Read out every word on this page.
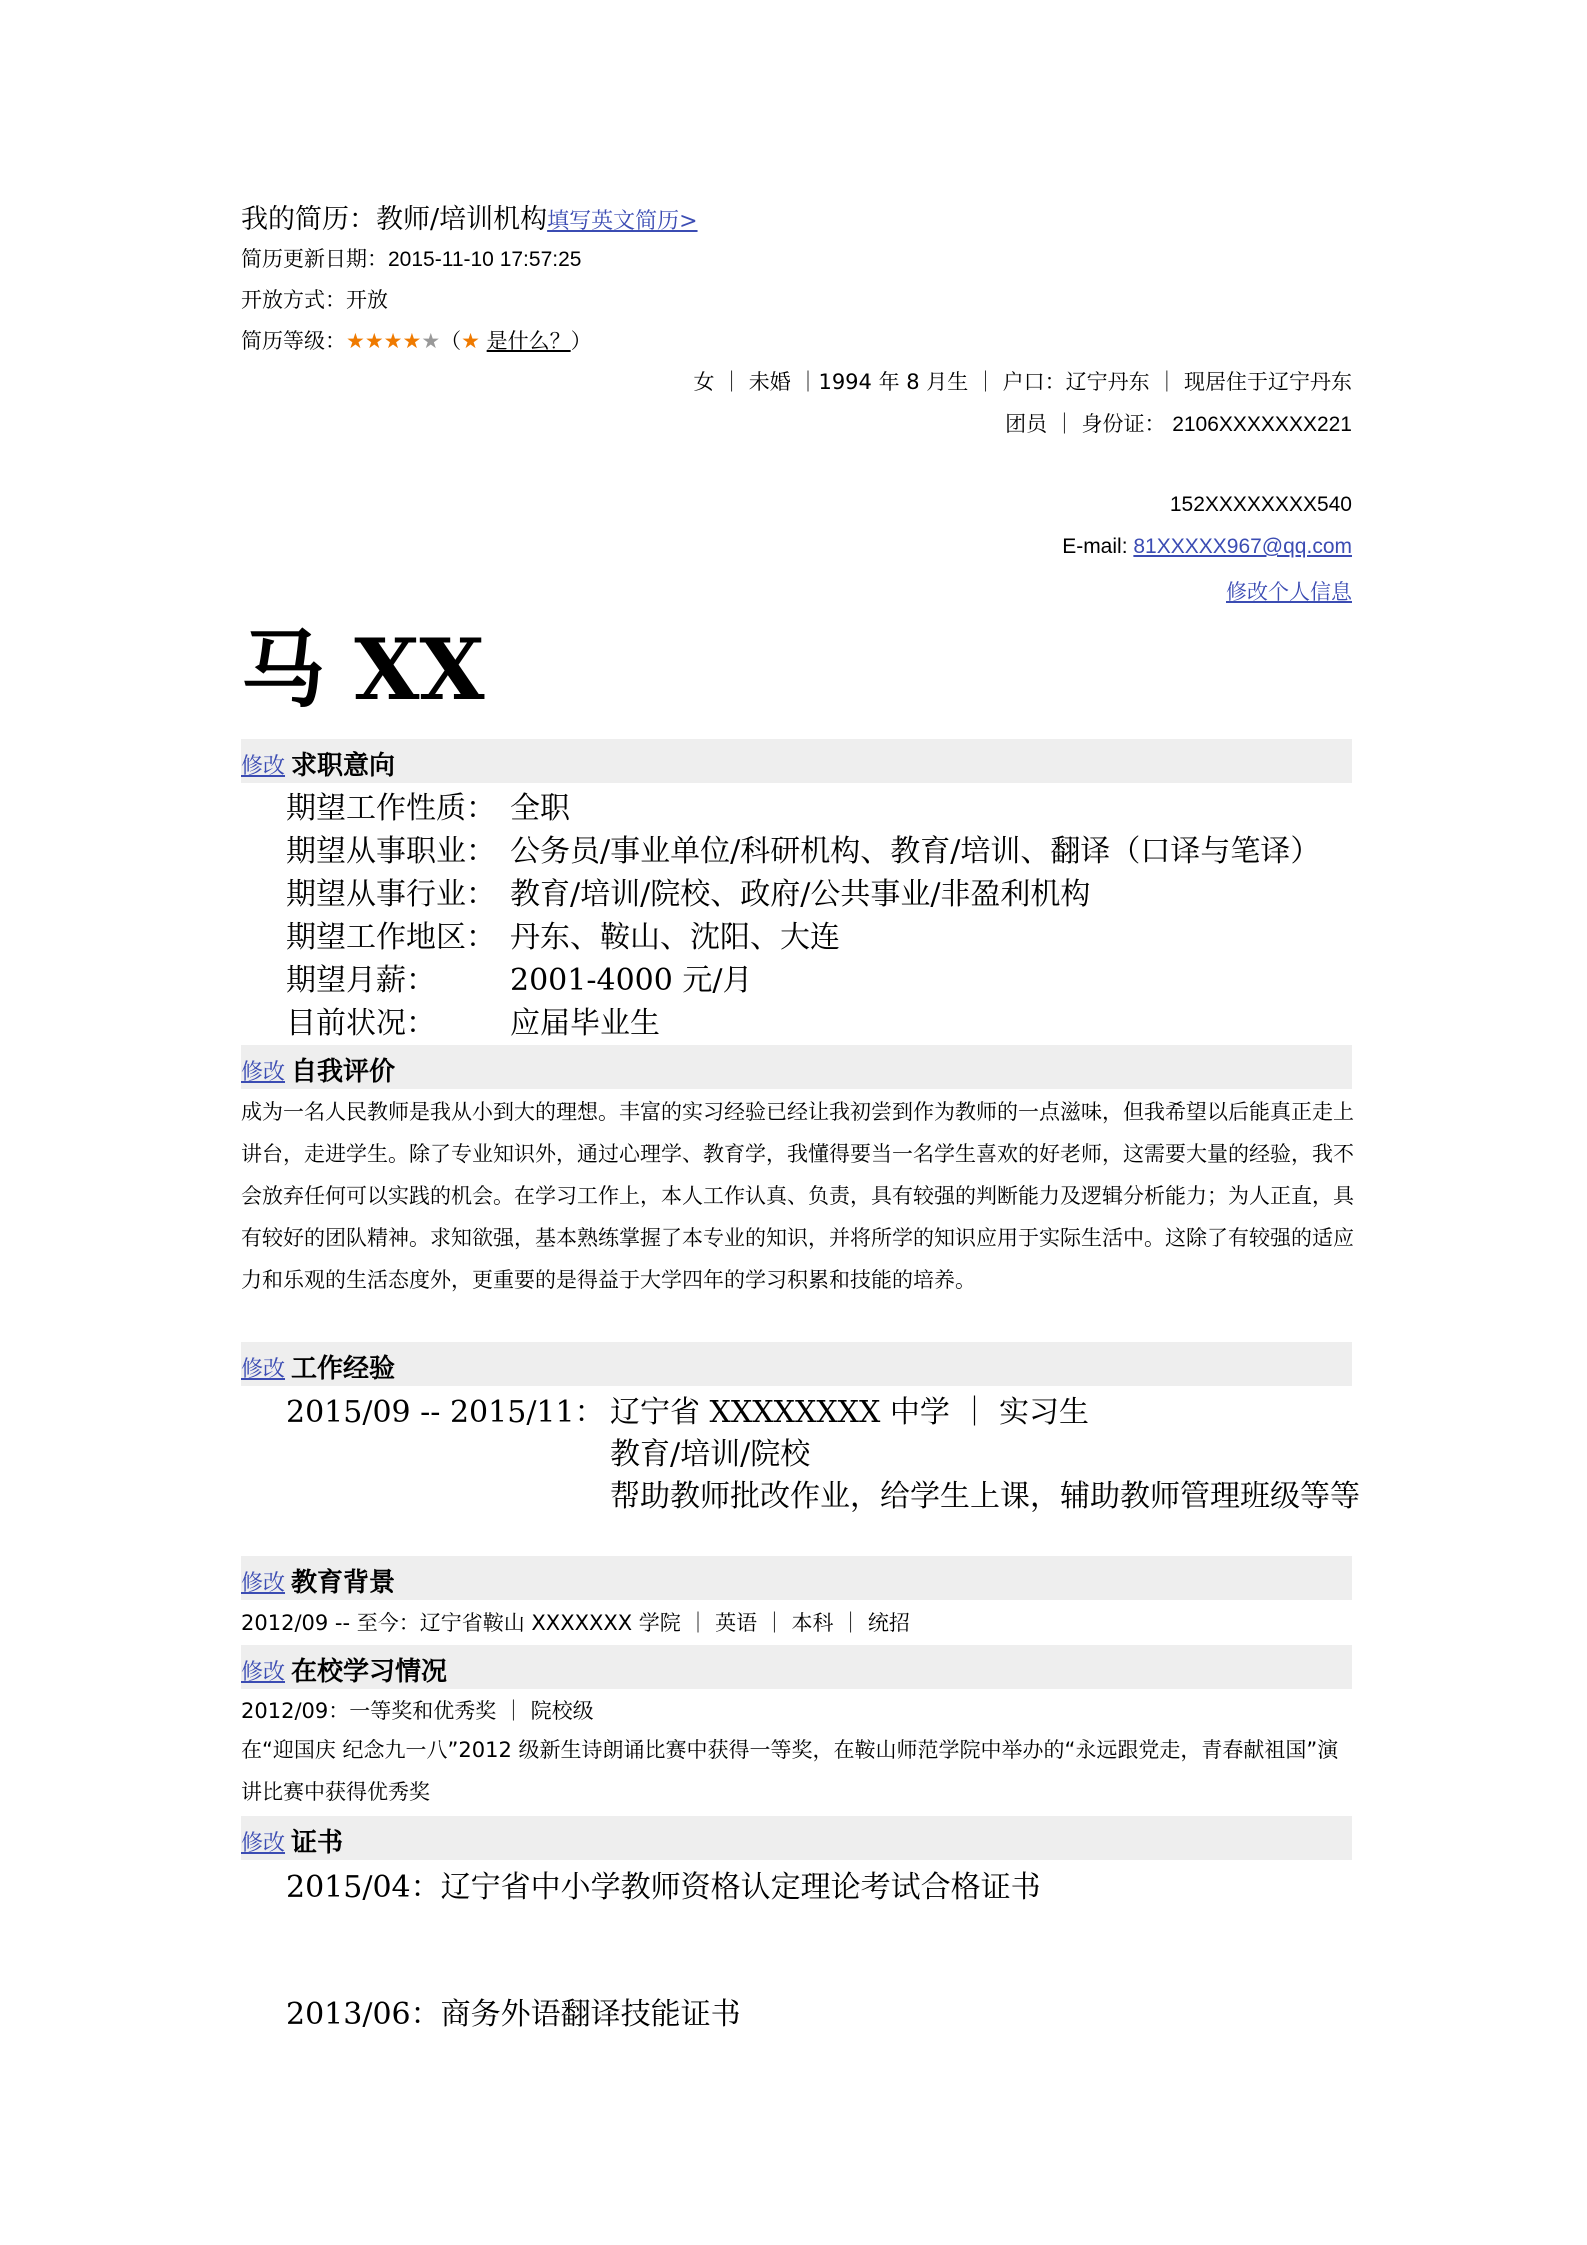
我的简历：教师/培训机构填写英文简历>
简历更新日期：2015-11-10 17:57:25
开放方式：开放
简历等级：★★★★★（★ 是什么？）
女 ｜ 未婚 ｜1994 年 8 月生 ｜ 户口：辽宁丹东 ｜ 现居住于辽宁丹东
团员 ｜ 身份证： 2106XXXXXXX221
152XXXXXXXX540
E-mail: 81XXXXX967@qq.com
修改个人信息
马 XX
修改 求职意向
期望工作性质： 全职
期望从事职业： 公务员/事业单位/科研机构、教育/培训、翻译（口译与笔译）
期望从事行业： 教育/培训/院校、政府/公共事业/非盈利机构
期望工作地区： 丹东、鞍山、沈阳、大连
期望月薪： 2001-4000 元/月
目前状况： 应届毕业生
修改 自我评价
成为一名人民教师是我从小到大的理想。丰富的实习经验已经让我初尝到作为教师的一点滋味，但我希望以后能真正走上讲台，走进学生。除了专业知识外，通过心理学、教育学，我懂得要当一名学生喜欢的好老师，这需要大量的经验，我不会放弃任何可以实践的机会。在学习工作上，本人工作认真、负责，具有较强的判断能力及逻辑分析能力；为人正直，具有较好的团队精神。求知欲强，基本熟练掌握了本专业的知识，并将所学的知识应用于实际生活中。这除了有较强的适应力和乐观的生活态度外，更重要的是得益于大学四年的学习积累和技能的培养。
修改 工作经验
2015/09 -- 2015/11： 辽宁省 XXXXXXXX 中学 ｜ 实习生
教育/培训/院校
帮助教师批改作业，给学生上课，辅助教师管理班级等等
修改 教育背景
2012/09 -- 至今：辽宁省鞍山 XXXXXXX 学院 ｜ 英语 ｜ 本科 ｜ 统招
修改 在校学习情况
2012/09：一等奖和优秀奖 ｜ 院校级
在“迎国庆 纪念九一八”2012 级新生诗朗诵比赛中获得一等奖，在鞍山师范学院中举办的“永远跟党走，青春献祖国”演讲比赛中获得优秀奖
修改 证书
2015/04：辽宁省中小学教师资格认定理论考试合格证书
2013/06：商务外语翻译技能证书
